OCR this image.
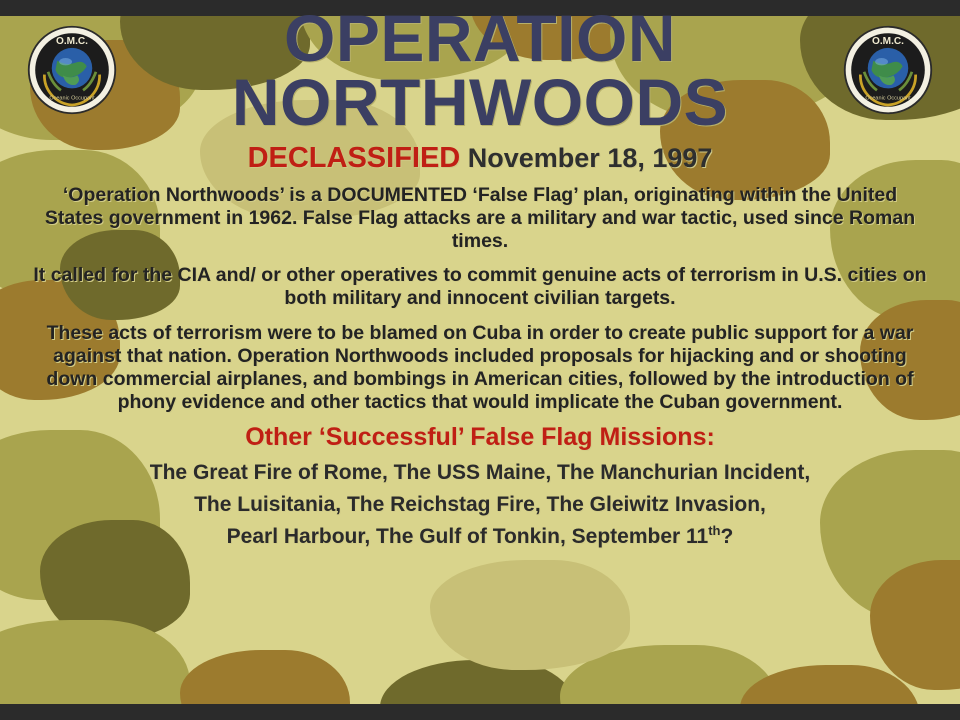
O.M.C.
Oceanic Occupant
O.M.C.
Oceanic Occupant
OPERATION
NORTHWOODS
DECLASSIFIED November 18, 1997

‘Operation Northwoods’ is a DOCUMENTED ‘False Flag’ plan, originating within the United States government in 1962. False Flag attacks are a military and war tactic, used since Roman times.

It called for the CIA and/ or other operatives to commit genuine acts of terrorism in U.S. cities on both military and innocent civilian targets.

These acts of terrorism were to be blamed on Cuba in order to create public support for a war against that nation. Operation Northwoods included proposals for hijacking and or shooting down commercial airplanes, and bombings in American cities, followed by the introduction of phony evidence and other tactics that would implicate the Cuban government.

Other ‘Successful’ False Flag Missions:
The Great Fire of Rome, The USS Maine, The Manchurian Incident,
The Luisitania, The Reichstag Fire, The Gleiwitz Invasion,
Pearl Harbour, The Gulf of Tonkin, September 11th?
